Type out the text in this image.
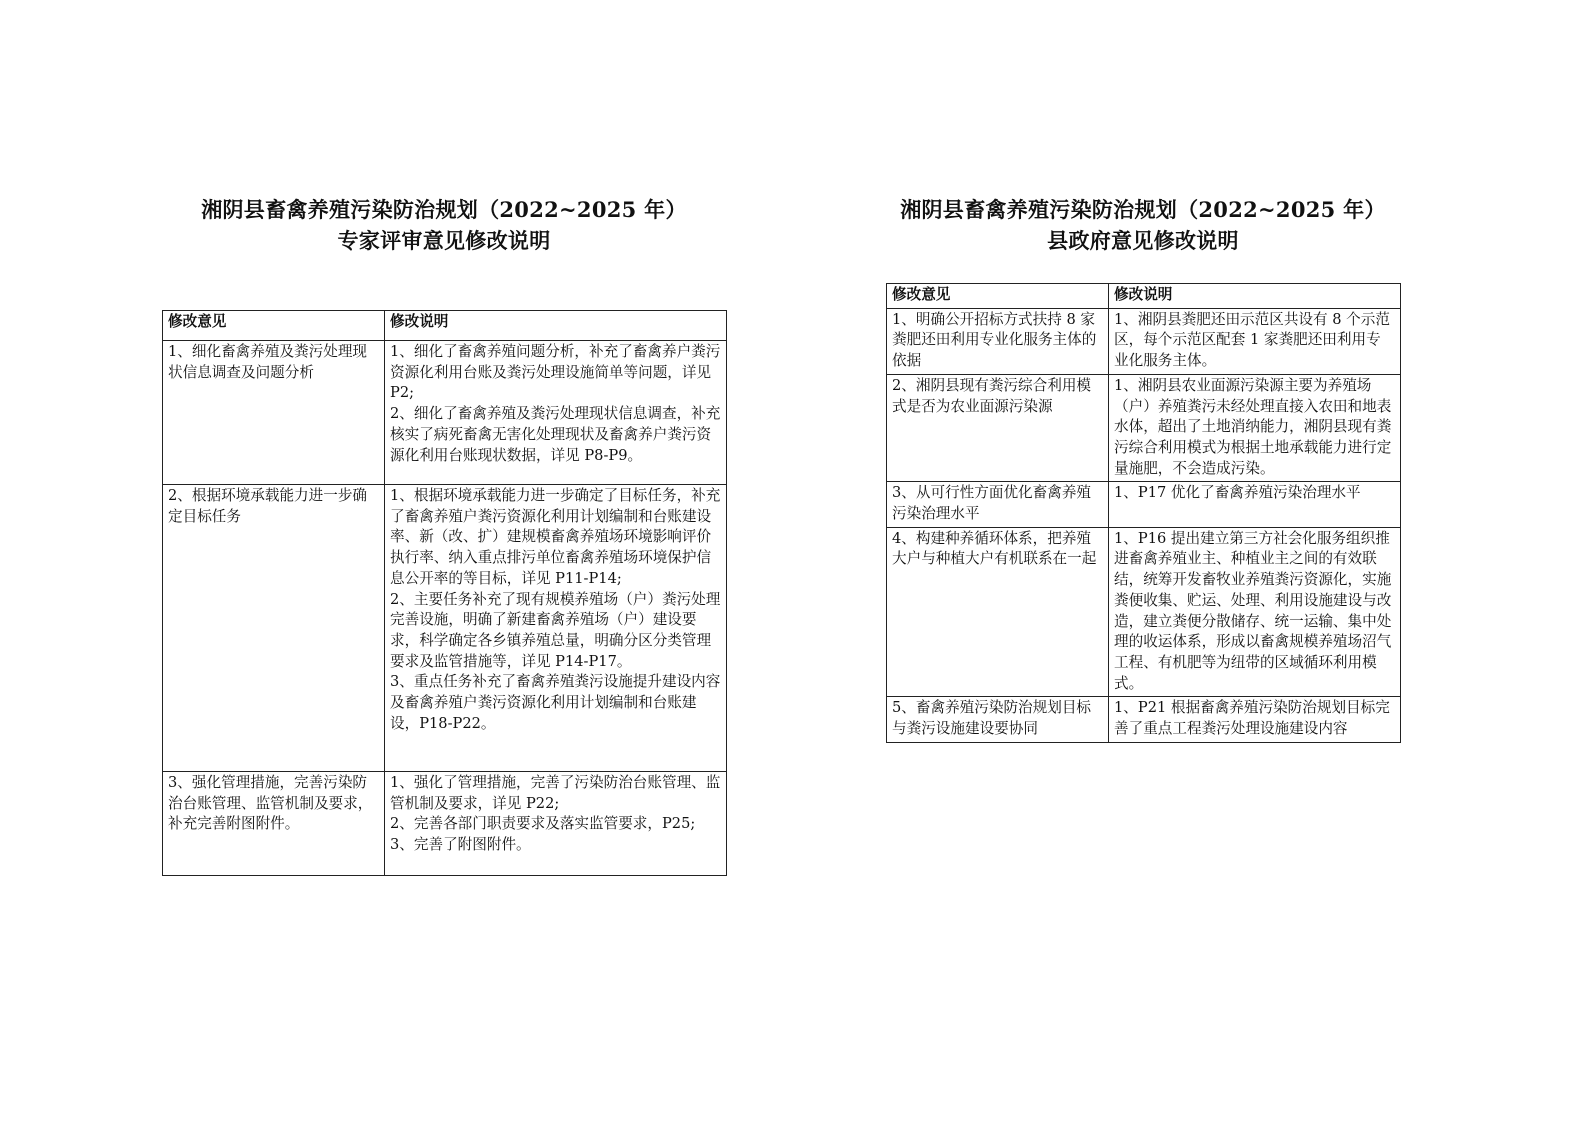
湘阴县畜禽养殖污染防治规划（2022~2025 年）
专家评审意见修改说明
修改意见	修改说明
1、细化畜禽养殖及粪污处理现状信息调查及问题分析	1、细化了畜禽养殖问题分析，补充了畜禽养户粪污资源化利用台账及粪污处理设施简单等问题，详见 P2;
2、细化了畜禽养殖及粪污处理现状信息调查，补充核实了病死畜禽无害化处理现状及畜禽养户粪污资源化利用台账现状数据，详见 P8-P9。

2、根据环境承载能力进一步确定目标任务	1、根据环境承载能力进一步确定了目标任务，补充了畜禽养殖户粪污资源化利用计划编制和台账建设率、新（改、扩）建规模畜禽养殖场环境影响评价执行率、纳入重点排污单位畜禽养殖场环境保护信息公开率的等目标，详见 P11-P14;
2、主要任务补充了现有规模养殖场（户）粪污处理完善设施，明确了新建畜禽养殖场（户）建设要求，科学确定各乡镇养殖总量，明确分区分类管理要求及监管措施等，详见 P14-P17。
3、重点任务补充了畜禽养殖粪污设施提升建设内容及畜禽养殖户粪污资源化利用计划编制和台账建设，P18-P22。

3、强化管理措施，完善污染防治台账管理、监管机制及要求，补充完善附图附件。	1、强化了管理措施，完善了污染防治台账管理、监管机制及要求，详见 P22;
2、完善各部门职责要求及落实监管要求，P25;
3、完善了附图附件。
湘阴县畜禽养殖污染防治规划（2022~2025 年）
县政府意见修改说明
修改意见	修改说明
1、明确公开招标方式扶持 8 家粪肥还田利用专业化服务主体的依据	1、湘阴县粪肥还田示范区共设有 8 个示范区，每个示范区配套 1 家粪肥还田利用专业化服务主体。

2、湘阴县现有粪污综合利用模式是否为农业面源污染源	1、湘阴县农业面源污染源主要为养殖场（户）养殖粪污未经处理直接入农田和地表水体，超出了土地消纳能力，湘阴县现有粪污综合利用模式为根据土地承载能力进行定量施肥，不会造成污染。

3、从可行性方面优化畜禽养殖污染治理水平	1、P17 优化了畜禽养殖污染治理水平

4、构建种养循环体系，把养殖大户与种植大户有机联系在一起	1、P16 提出建立第三方社会化服务组织推进畜禽养殖业主、种植业主之间的有效联结，统筹开发畜牧业养殖粪污资源化，实施粪便收集、贮运、处理、利用设施建设与改造，建立粪便分散储存、统一运输、集中处理的收运体系，形成以畜禽规模养殖场沼气工程、有机肥等为纽带的区域循环利用模式。

5、畜禽养殖污染防治规划目标与粪污设施建设要协同	1、P21 根据畜禽养殖污染防治规划目标完善了重点工程粪污处理设施建设内容
